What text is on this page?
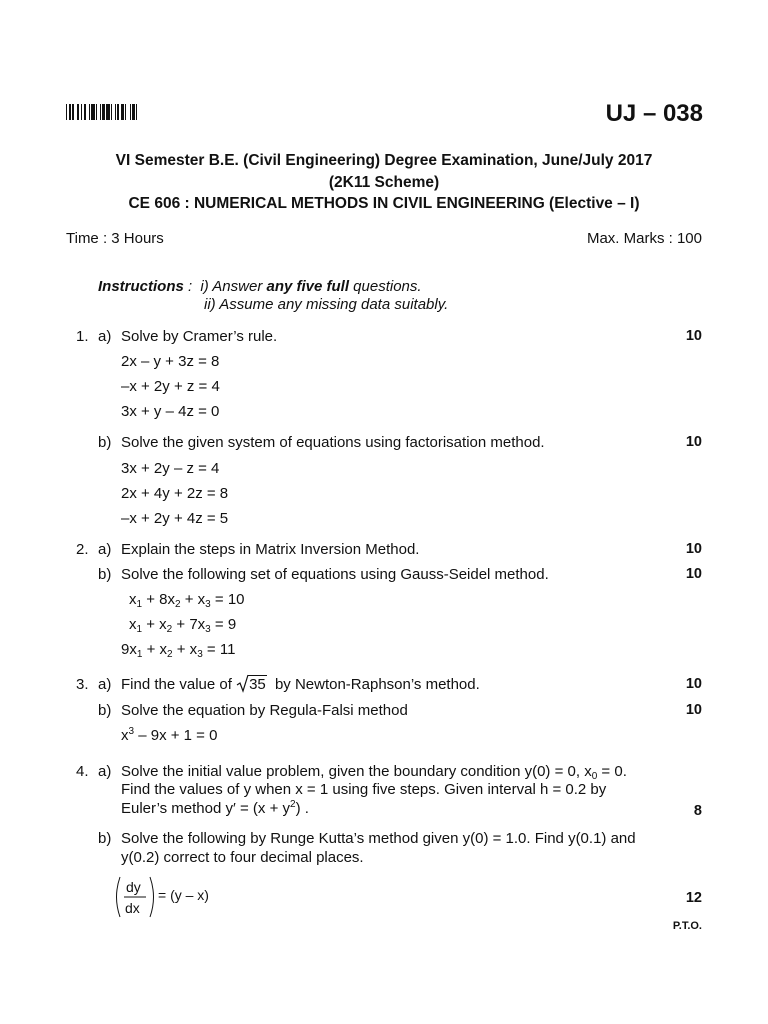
UJ – 038
VI Semester B.E. (Civil Engineering) Degree Examination, June/July 2017
(2K11 Scheme)
CE 606 : NUMERICAL METHODS IN CIVIL ENGINEERING (Elective – I)
Time : 3 Hours	Max. Marks : 100
Instructions : i) Answer any five full questions.
ii) Assume any missing data suitably.
1. a) Solve by Cramer’s rule.	10
2x – y + 3z = 8
–x + 2y + z = 4
3x + y – 4z = 0
b) Solve the given system of equations using factorisation method.	10
3x + 2y – z = 4
2x + 4y + 2z = 8
–x + 2y + 4z = 5
2. a) Explain the steps in Matrix Inversion Method.	10
b) Solve the following set of equations using Gauss-Seidel method.	10
$x_1 + 8x_2 + x_3 = 10$
$x_1 + x_2 + 7x_3 = 9$
$9x_1 + x_2 + x_3 = 11$
3. a) Find the value of 35 by Newton-Raphson’s method.	10
b) Solve the equation by Regula-Falsi method	10
$x^3 - 9x + 1 = 0$
4. a) Solve the initial value problem, given the boundary condition y(0) = 0, $x_0 = 0$.
Find the values of y when x = 1 using five steps. Given interval h = 0.2 by
Euler’s method $y' = (x + y^2)$ .	8
b) Solve the following by Runge Kutta’s method given y(0) = 1.0. Find y(0.1) and
y(0.2) correct to four decimal places.
dy
dx
= (y – x)	12
P.T.O.
